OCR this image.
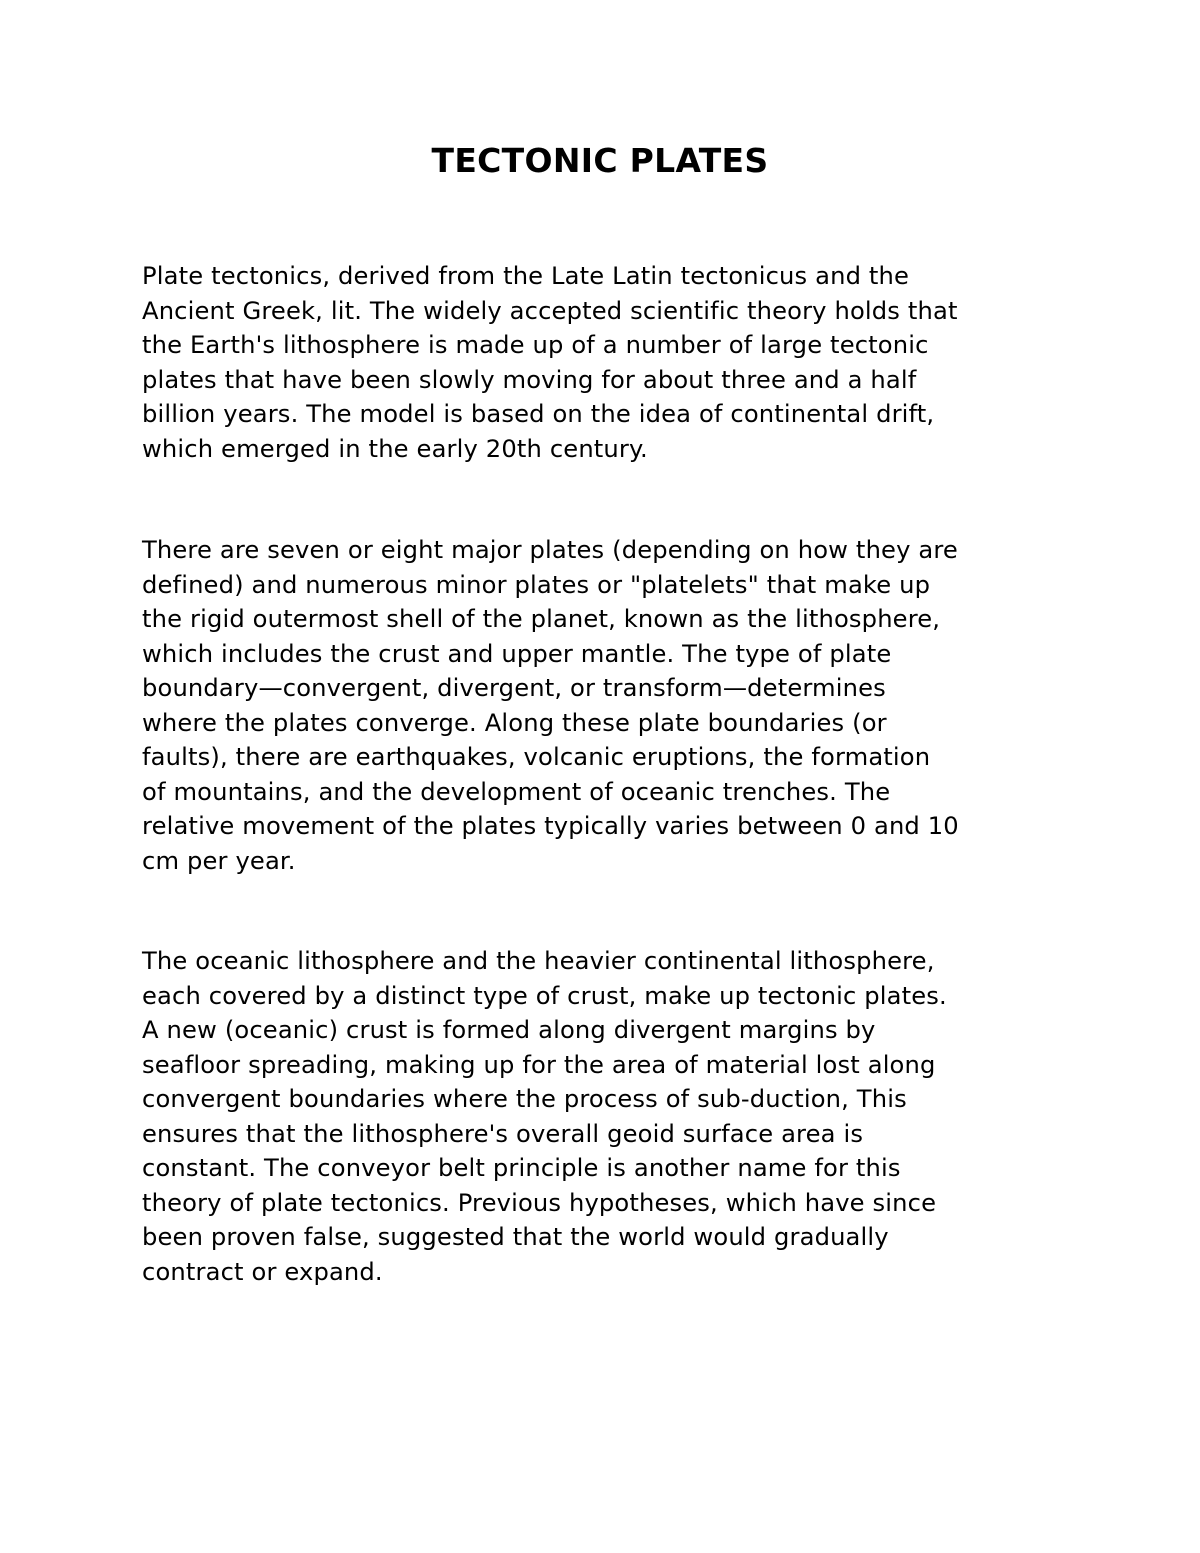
TECTONIC PLATES

Plate tectonics, derived from the Late Latin tectonicus and the
Ancient Greek, lit. The widely accepted scientific theory holds that
the Earth's lithosphere is made up of a number of large tectonic
plates that have been slowly moving for about three and a half
billion years. The model is based on the idea of continental drift,
which emerged in the early 20th century.

There are seven or eight major plates (depending on how they are
defined) and numerous minor plates or "platelets" that make up
the rigid outermost shell of the planet, known as the lithosphere,
which includes the crust and upper mantle. The type of plate
boundary—convergent, divergent, or transform—determines
where the plates converge. Along these plate boundaries (or
faults), there are earthquakes, volcanic eruptions, the formation
of mountains, and the development of oceanic trenches. The
relative movement of the plates typically varies between 0 and 10
cm per year.

The oceanic lithosphere and the heavier continental lithosphere,
each covered by a distinct type of crust, make up tectonic plates.
A new (oceanic) crust is formed along divergent margins by
seafloor spreading, making up for the area of material lost along
convergent boundaries where the process of sub-duction, This
ensures that the lithosphere's overall geoid surface area is
constant. The conveyor belt principle is another name for this
theory of plate tectonics. Previous hypotheses, which have since
been proven false, suggested that the world would gradually
contract or expand.
